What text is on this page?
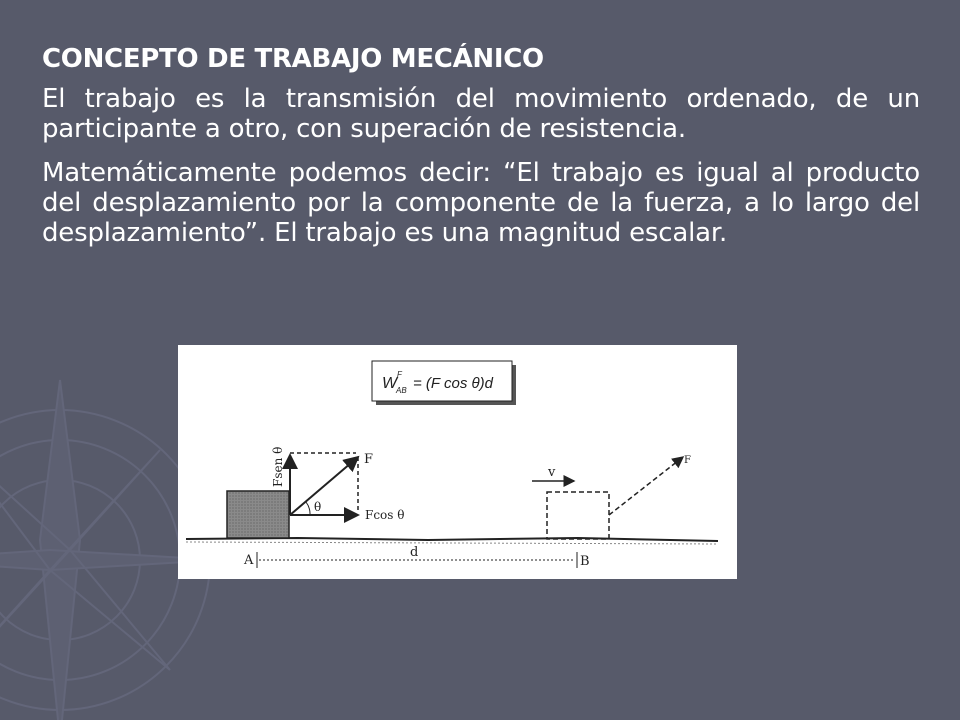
CONCEPTO DE TRABAJO MECÁNICO

El trabajo es la transmisión del movimiento ordenado, de un participante a otro, con superación de resistencia.

Matemáticamente podemos decir: “El trabajo es igual al producto del desplazamiento por la componente de la fuerza, a lo largo del desplazamiento”. El trabajo es una magnitud escalar.

W
F
AB = (F cos θ)d
Fsen θ	F
θ
Fcos θ
F
v
A	B
d
